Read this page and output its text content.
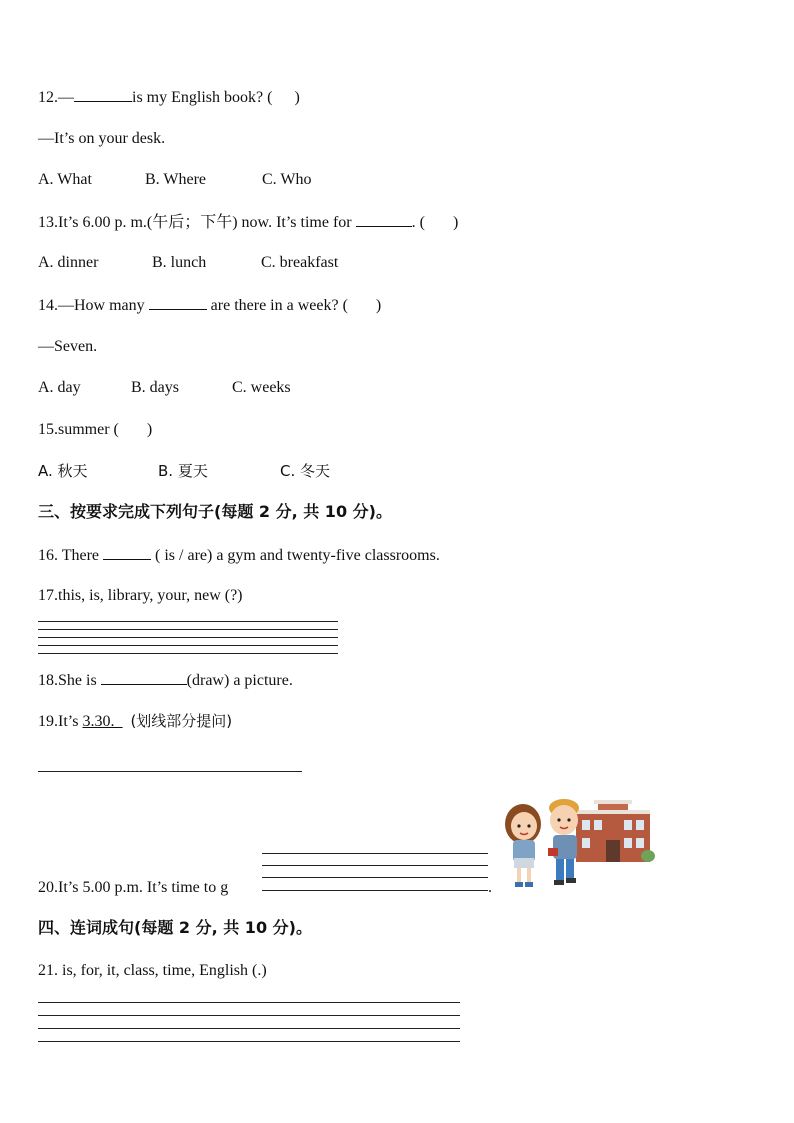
12.—	is my English book? ( )
—It’s on your desk.
A. What	B. Where	C. Who
13.It’s 6.00 p. m.(午后；下午) now. It’s time for	. ( )
A. dinner	B. lunch	C. breakfast
14.—How many	are there in a week? ( )
—Seven.
A. day	B. days	C. weeks
15.summer ( )
A. 秋天	B. 夏天	C. 冬天
三、按要求完成下列句子(每题 2 分, 共 10 分)。
16. There	( is / are) a gym and twenty-five classrooms.
17.this, is, library, your, new (?)
18.She is	(draw) a picture.
19.It’s 3.30._ (划线部分提问)
20.It’s 5.00 p.m. It’s time to g	.
四、连词成句(每题 2 分, 共 10 分)。
21. is, for, it, class, time, English (.)
